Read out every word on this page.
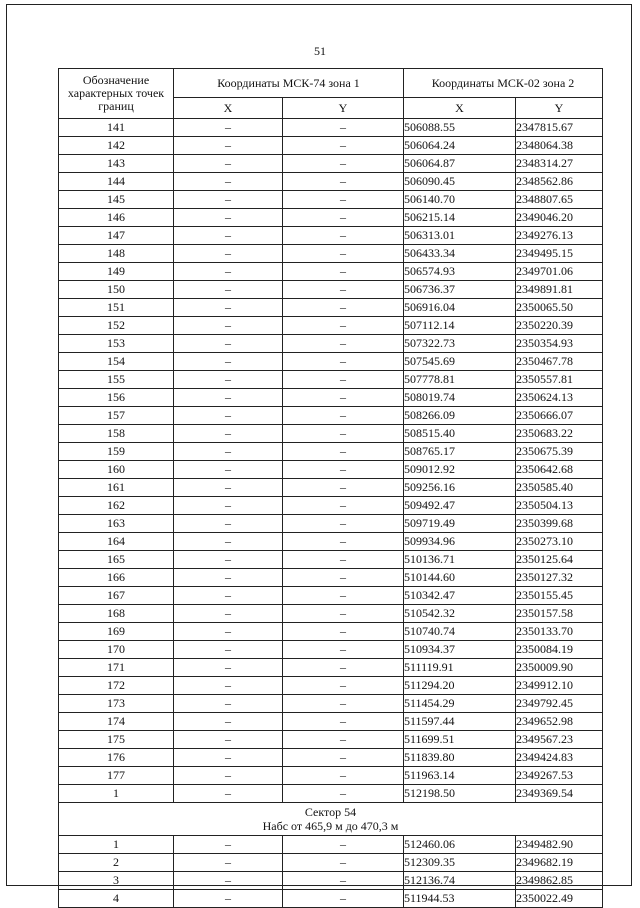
51
Обозначение характерных точек границ	Координаты МСК-74 зона 1		Координаты МСК-02 зона 2	
	X	Y	X	Y
141	–	–	506088.55	2347815.67
142	–	–	506064.24	2348064.38
143	–	–	506064.87	2348314.27
144	–	–	506090.45	2348562.86
145	–	–	506140.70	2348807.65
146	–	–	506215.14	2349046.20
147	–	–	506313.01	2349276.13
148	–	–	506433.34	2349495.15
149	–	–	506574.93	2349701.06
150	–	–	506736.37	2349891.81
151	–	–	506916.04	2350065.50
152	–	–	507112.14	2350220.39
153	–	–	507322.73	2350354.93
154	–	–	507545.69	2350467.78
155	–	–	507778.81	2350557.81
156	–	–	508019.74	2350624.13
157	–	–	508266.09	2350666.07
158	–	–	508515.40	2350683.22
159	–	–	508765.17	2350675.39
160	–	–	509012.92	2350642.68
161	–	–	509256.16	2350585.40
162	–	–	509492.47	2350504.13
163	–	–	509719.49	2350399.68
164	–	–	509934.96	2350273.10
165	–	–	510136.71	2350125.64
166	–	–	510144.60	2350127.32
167	–	–	510342.47	2350155.45
168	–	–	510542.32	2350157.58
169	–	–	510740.74	2350133.70
170	–	–	510934.37	2350084.19
171	–	–	511119.91	2350009.90
172	–	–	511294.20	2349912.10
173	–	–	511454.29	2349792.45
174	–	–	511597.44	2349652.98
175	–	–	511699.51	2349567.23
176	–	–	511839.80	2349424.83
177	–	–	511963.14	2349267.53
1	–	–	512198.50	2349369.54

Сектор 54
Набс от 465,9 м до 470,3 м				

1	–	–	512460.06	2349482.90
2	–	–	512309.35	2349682.19
3	–	–	512136.74	2349862.85
4	–	–	511944.53	2350022.49
